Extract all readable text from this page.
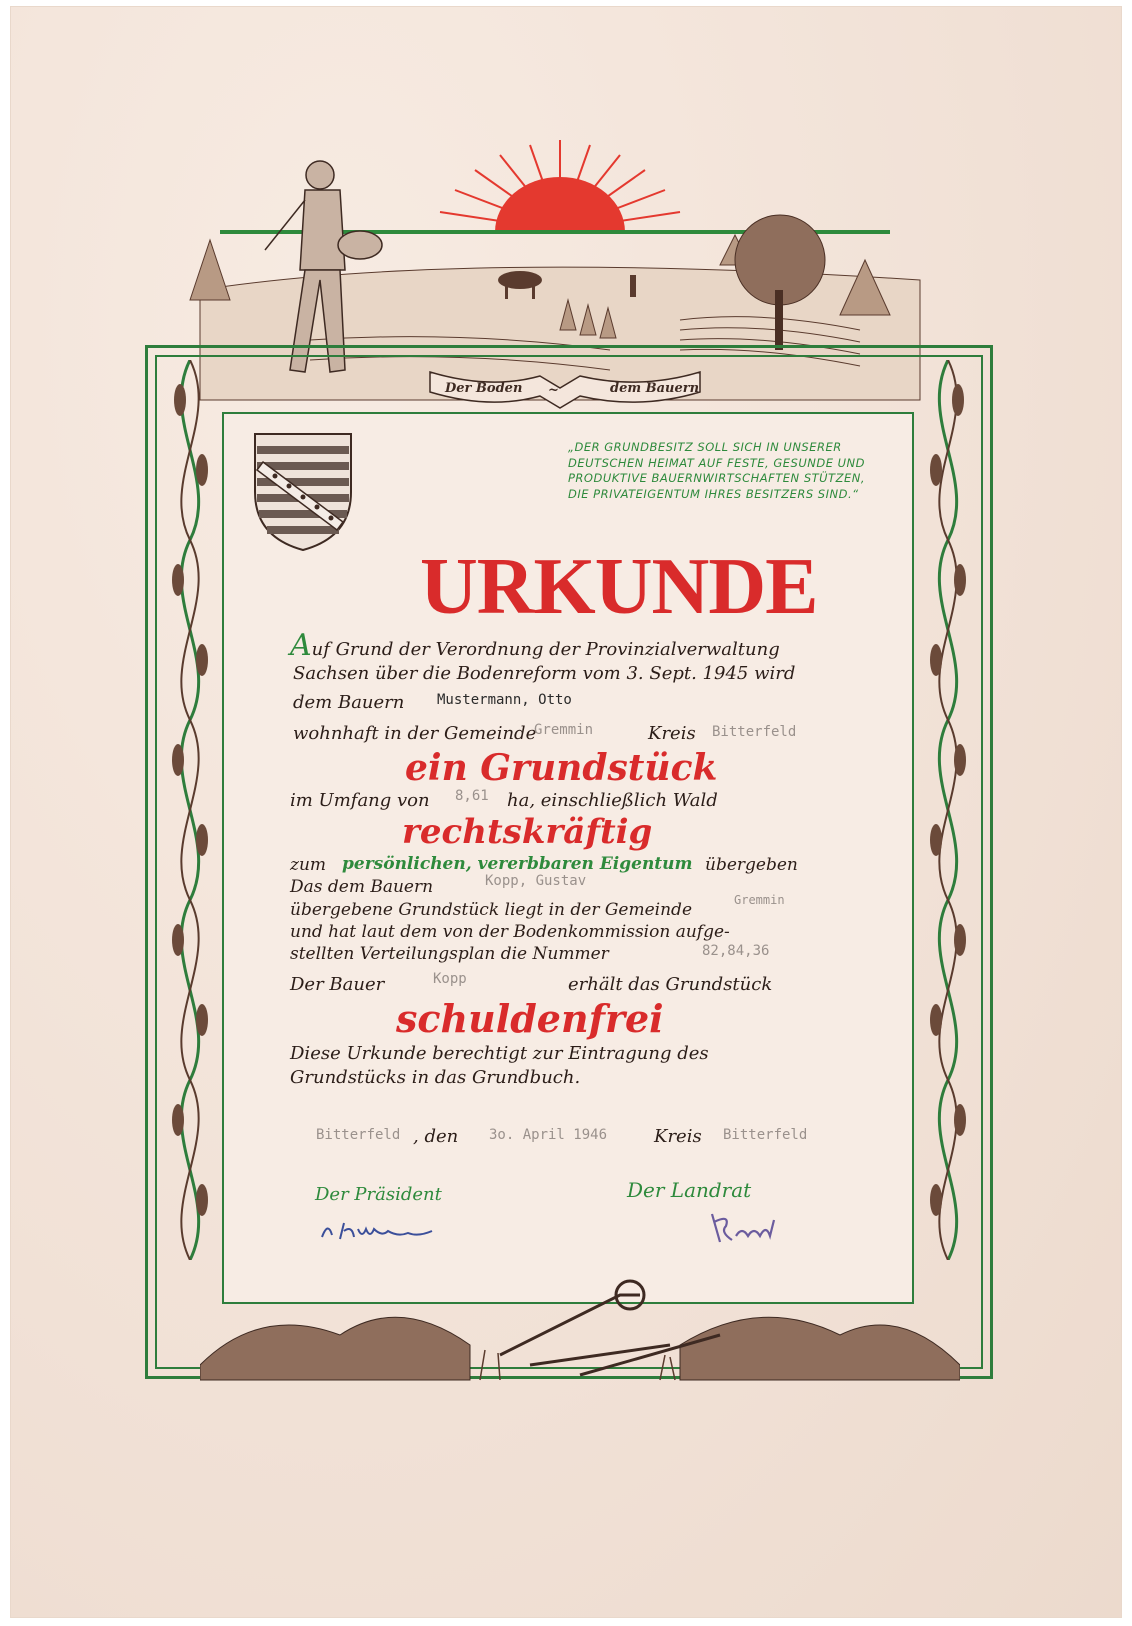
Der Boden ~	dem Bauern
„DER GRUNDBESITZ SOLL SICH IN UNSERER DEUTSCHEN HEIMAT AUF FESTE, GESUNDE UND PRODUKTIVE BAUERNWIRTSCHAFTEN STÜTZEN, DIE PRIVATEIGENTUM IHRES BESITZERS SIND.“
URKUNDE
Auf Grund der Verordnung der Provinzialverwaltung
Sachsen über die Bodenreform vom 3. Sept. 1945 wird
dem Bauern Mustermann, Otto
wohnhaft in der Gemeinde
Gremmin	Kreis Bitterfeld
ein Grundstück
im Umfang von 8,61 ha, einschließlich Wald
rechtskräftig
zum persönlichen, vererbbaren Eigentum übergeben
Das dem Bauern	Kopp, Gustav
Gremmin
übergebene Grundstück liegt in der Gemeinde
und hat laut dem von der Bodenkommission aufge-
stellten Verteilungsplan die Nummer	82,84,36
Der Bauer	Kopp	erhält das Grundstück
schuldenfrei
Diese Urkunde berechtigt zur Eintragung des
Grundstücks in das Grundbuch.
Bitterfeld , den 3o. April 1946	Kreis Bitterfeld
Der Präsident	Der Landrat
